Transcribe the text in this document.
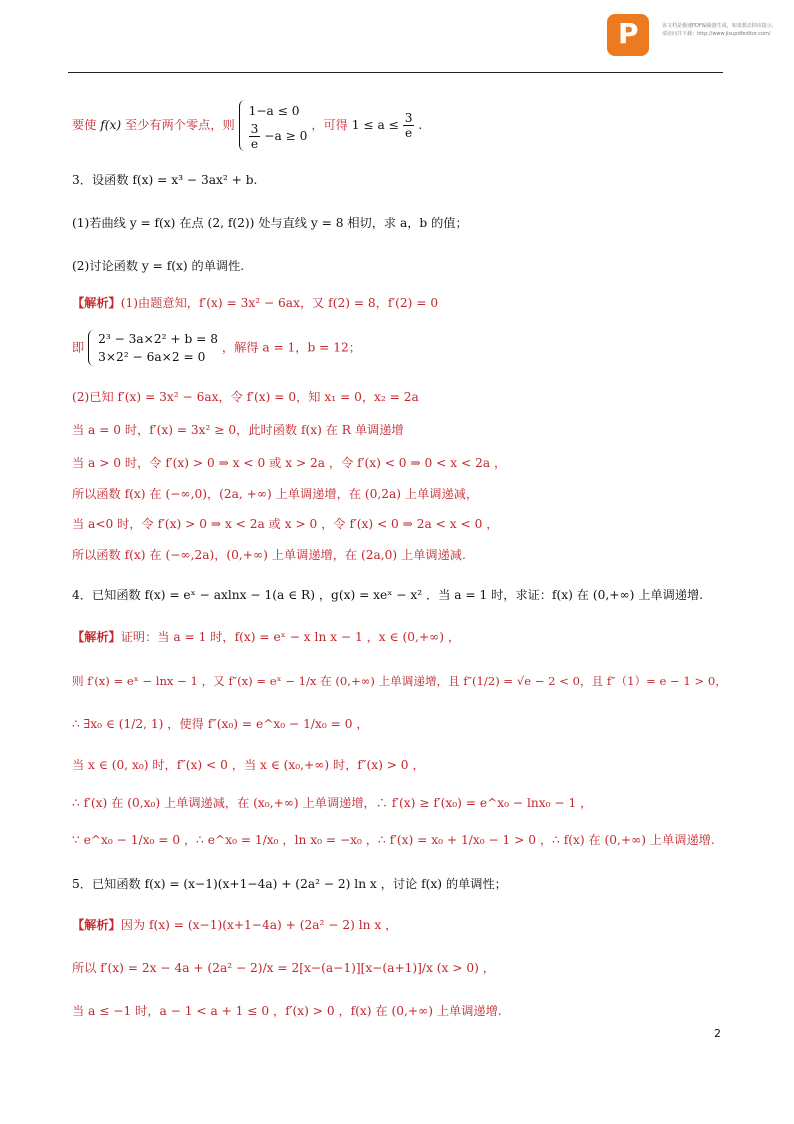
P	该文档是极速PDF编辑器生成，如果想去掉该提示，请访问并下载：http://www.jisupdfeditor.com/
要使 f(x) 至少有两个零点，则
1−a ≤ 0
$\frac{3}{e} -a \ge 0$
，可得 $1 \le a \le \frac{3}{e}$ .
3．设函数 f(x) = x³ − 3ax² + b.
(1)若曲线 y = f(x) 在点 (2, f(2)) 处与直线 y = 8 相切，求 a，b 的值；
(2)讨论函数 y = f(x) 的单调性.
【解析】(1)由题意知，f′(x) = 3x² − 6ax，又 f(2) = 8，f′(2) = 0
即
2³ − 3a×2² + b = 8
3×2² − 6a×2 = 0
，解得 a = 1，b = 12；
(2)已知 f′(x) = 3x² − 6ax，令 f′(x) = 0，知 x₁ = 0，x₂ = 2a
当 a = 0 时，f′(x) = 3x² ≥ 0，此时函数 f(x) 在 R 单调递增
当 a > 0 时，令 f′(x) > 0 ⇒ x < 0 或 x > 2a ，令 f′(x) < 0 ⇒ 0 < x < 2a ，
所以函数 f(x) 在 (−∞,0)，(2a, +∞) 上单调递增，在 (0,2a) 上单调递减，
当 a<0 时，令 f′(x) > 0 ⇒ x < 2a 或 x > 0 ，令 f′(x) < 0 ⇒ 2a < x < 0 ，
所以函数 f(x) 在 (−∞,2a)，(0,+∞) 上单调递增，在 (2a,0) 上单调递减.
4．已知函数 f(x) = eˣ − axlnx − 1(a ∈ R) ，g(x) = xeˣ − x² ．当 a = 1 时，求证：f(x) 在 (0,+∞) 上单调递增.
【解析】证明：当 a = 1 时，f(x) = eˣ − x ln x − 1 ，x ∈ (0,+∞) ，
则 f′(x) = eˣ − lnx − 1 ，又 f″(x) = eˣ − 1/x 在 (0,+∞) 上单调递增，且 f″(1/2) = √e − 2 < 0，且 f″（1）= e − 1 > 0，
∴ ∃x₀ ∈ (1/2, 1) ，使得 f″(x₀) = e^x₀ − 1/x₀ = 0 ，
当 x ∈ (0, x₀) 时，f″(x) < 0 ，当 x ∈ (x₀,+∞) 时，f″(x) > 0 ，
∴ f′(x) 在 (0,x₀) 上单调递减，在 (x₀,+∞) 上单调递增，∴ f′(x) ≥ f′(x₀) = e^x₀ − lnx₀ − 1 ，
∵ e^x₀ − 1/x₀ = 0 ，∴ e^x₀ = 1/x₀ ，ln x₀ = −x₀ ，∴ f′(x) = x₀ + 1/x₀ − 1 > 0 ，∴ f(x) 在 (0,+∞) 上单调递增.
5．已知函数 f(x) = (x−1)(x+1−4a) + (2a² − 2) ln x ，讨论 f(x) 的单调性；
【解析】因为 f(x) = (x−1)(x+1−4a) + (2a² − 2) ln x ，
所以 f′(x) = 2x − 4a + (2a² − 2)/x = 2[x−(a−1)][x−(a+1)]/x (x > 0) ，
当 a ≤ −1 时，a − 1 < a + 1 ≤ 0 ，f′(x) > 0 ，f(x) 在 (0,+∞) 上单调递增.
2
